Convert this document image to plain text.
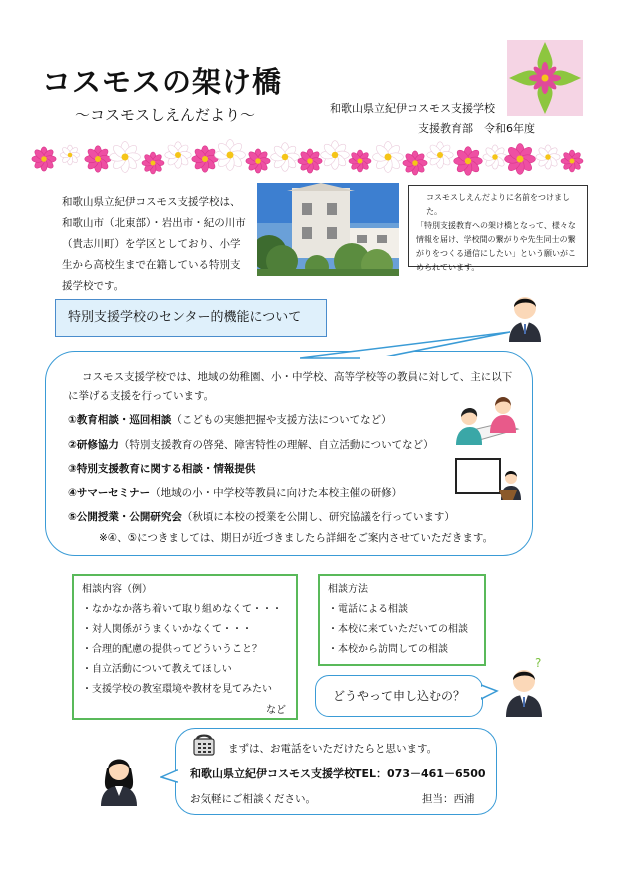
コスモスの架け橋
～コスモスしえんだより～	和歌山県立紀伊コスモス支援学校
支援教育部　令和6年度
和歌山県立紀伊コスモス支援学校は、和歌山市（北東部）・岩出市・紀の川市（貴志川町）を学区としており、小学生から高校生まで在籍している特別支援学校です。

コスモスしえんだよりに名前をつけました。

「特別支援教育への架け橋となって、様々な情報を届け、学校間の繋がりや先生同士の繋がりをつくる通信にしたい」という願いがこめられています。

特別支援学校のセンター的機能について
コスモス支援学校では、地域の幼稚園、小・中学校、高等学校等の教員に対して、主に以下に挙げる支援を行っています。
①教育相談・巡回相談（こどもの実態把握や支援方法についてなど）
②研修協力（特別支援教育の啓発、障害特性の理解、自立活動についてなど）
③特別支援教育に関する相談・情報提供
④サマーセミナー（地域の小・中学校等教員に向けた本校主催の研修）
⑤公開授業・公開研究会（秋頃に本校の授業を公開し、研究協議を行っています）
※④、⑤につきましては、期日が近づきましたら詳細をご案内させていただきます。
相談内容（例）
・なかなか落ち着いて取り組めなくて・・・
・対人関係がうまくいかなくて・・・
・合理的配慮の提供ってどういうこと？
・自立活動について教えてほしい
・支援学校の教室環境や教材を見てみたい
など
相談方法
・電話による相談
・本校に来ていただいての相談
・本校から訪問しての相談
どうやって申し込むの？
?
まずは、お電話をいただけたらと思います。
和歌山県立紀伊コスモス支援学校 TEL：073－461－6500
お気軽にご相談ください。	担当：西浦
